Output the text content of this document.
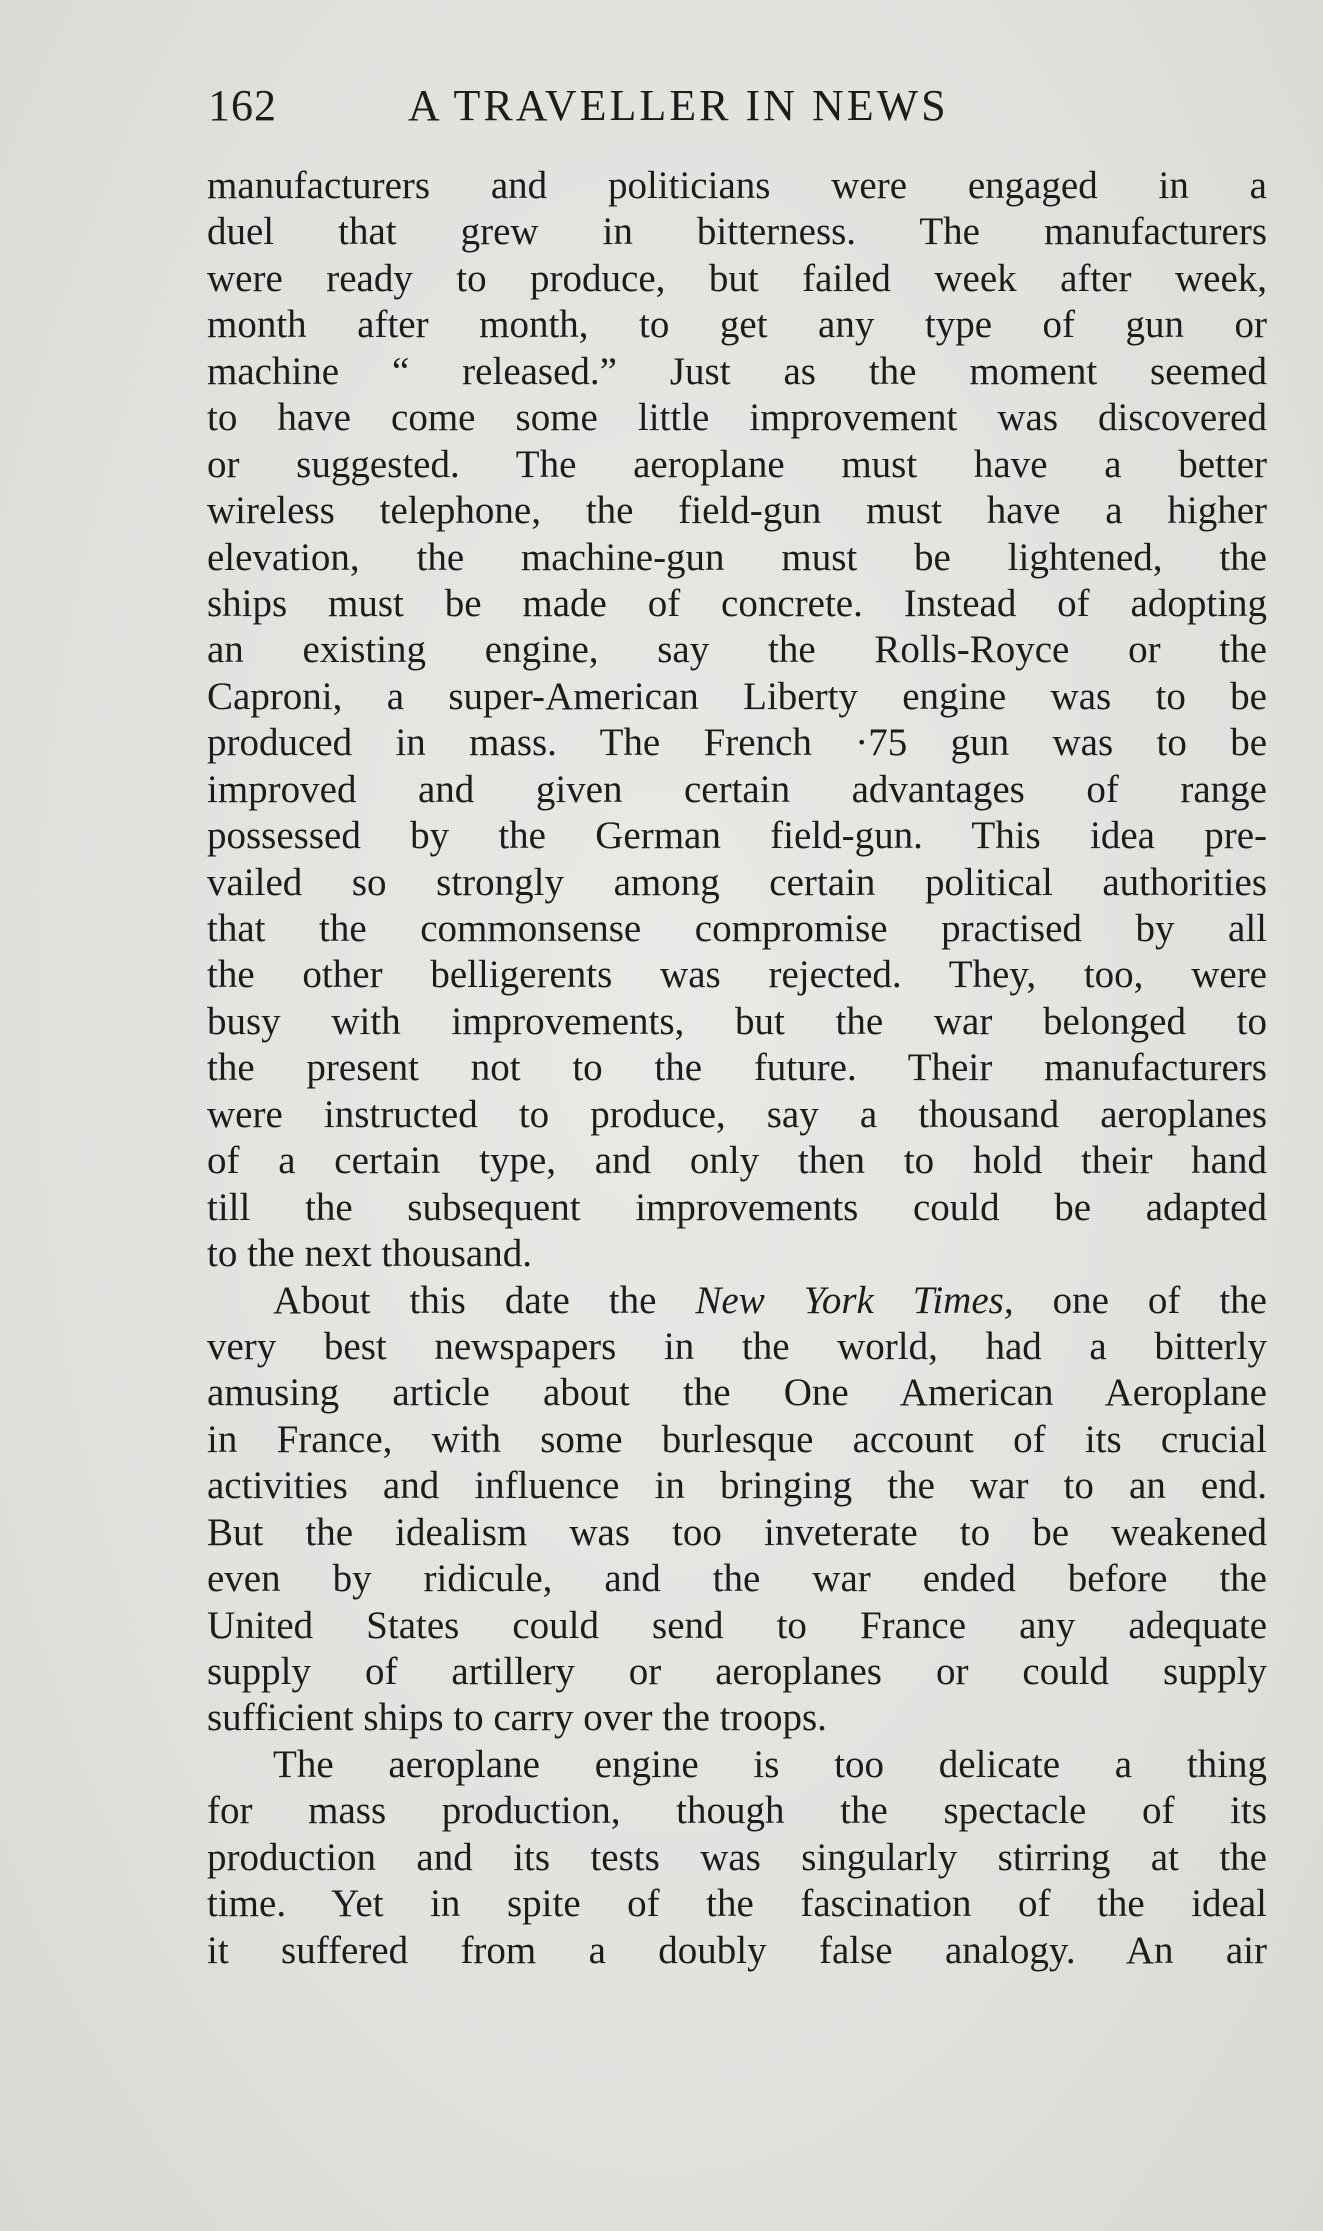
162	A TRAVELLER IN NEWS
manufacturers and politicians were engaged in a
duel that grew in bitterness. The manufacturers
were ready to produce, but failed week after week,
month after month, to get any type of gun or
machine “ released.” Just as the moment seemed
to have come some little improvement was discovered
or suggested. The aeroplane must have a better
wireless telephone, the field-gun must have a higher
elevation, the machine-gun must be lightened, the
ships must be made of concrete. Instead of adopting
an existing engine, say the Rolls-Royce or the
Caproni, a super-American Liberty engine was to be
produced in mass. The French ·75 gun was to be
improved and given certain advantages of range
possessed by the German field-gun. This idea pre-
vailed so strongly among certain political authorities
that the commonsense compromise practised by all
the other belligerents was rejected. They, too, were
busy with improvements, but the war belonged to
the present not to the future. Their manufacturers
were instructed to produce, say a thousand aeroplanes
of a certain type, and only then to hold their hand
till the subsequent improvements could be adapted
to the next thousand.
About this date the New York Times, one of the
very best newspapers in the world, had a bitterly
amusing article about the One American Aeroplane
in France, with some burlesque account of its crucial
activities and influence in bringing the war to an end.
But the idealism was too inveterate to be weakened
even by ridicule, and the war ended before the
United States could send to France any adequate
supply of artillery or aeroplanes or could supply
sufficient ships to carry over the troops.
The aeroplane engine is too delicate a thing
for mass production, though the spectacle of its
production and its tests was singularly stirring at the
time. Yet in spite of the fascination of the ideal
it suffered from a doubly false analogy. An air
